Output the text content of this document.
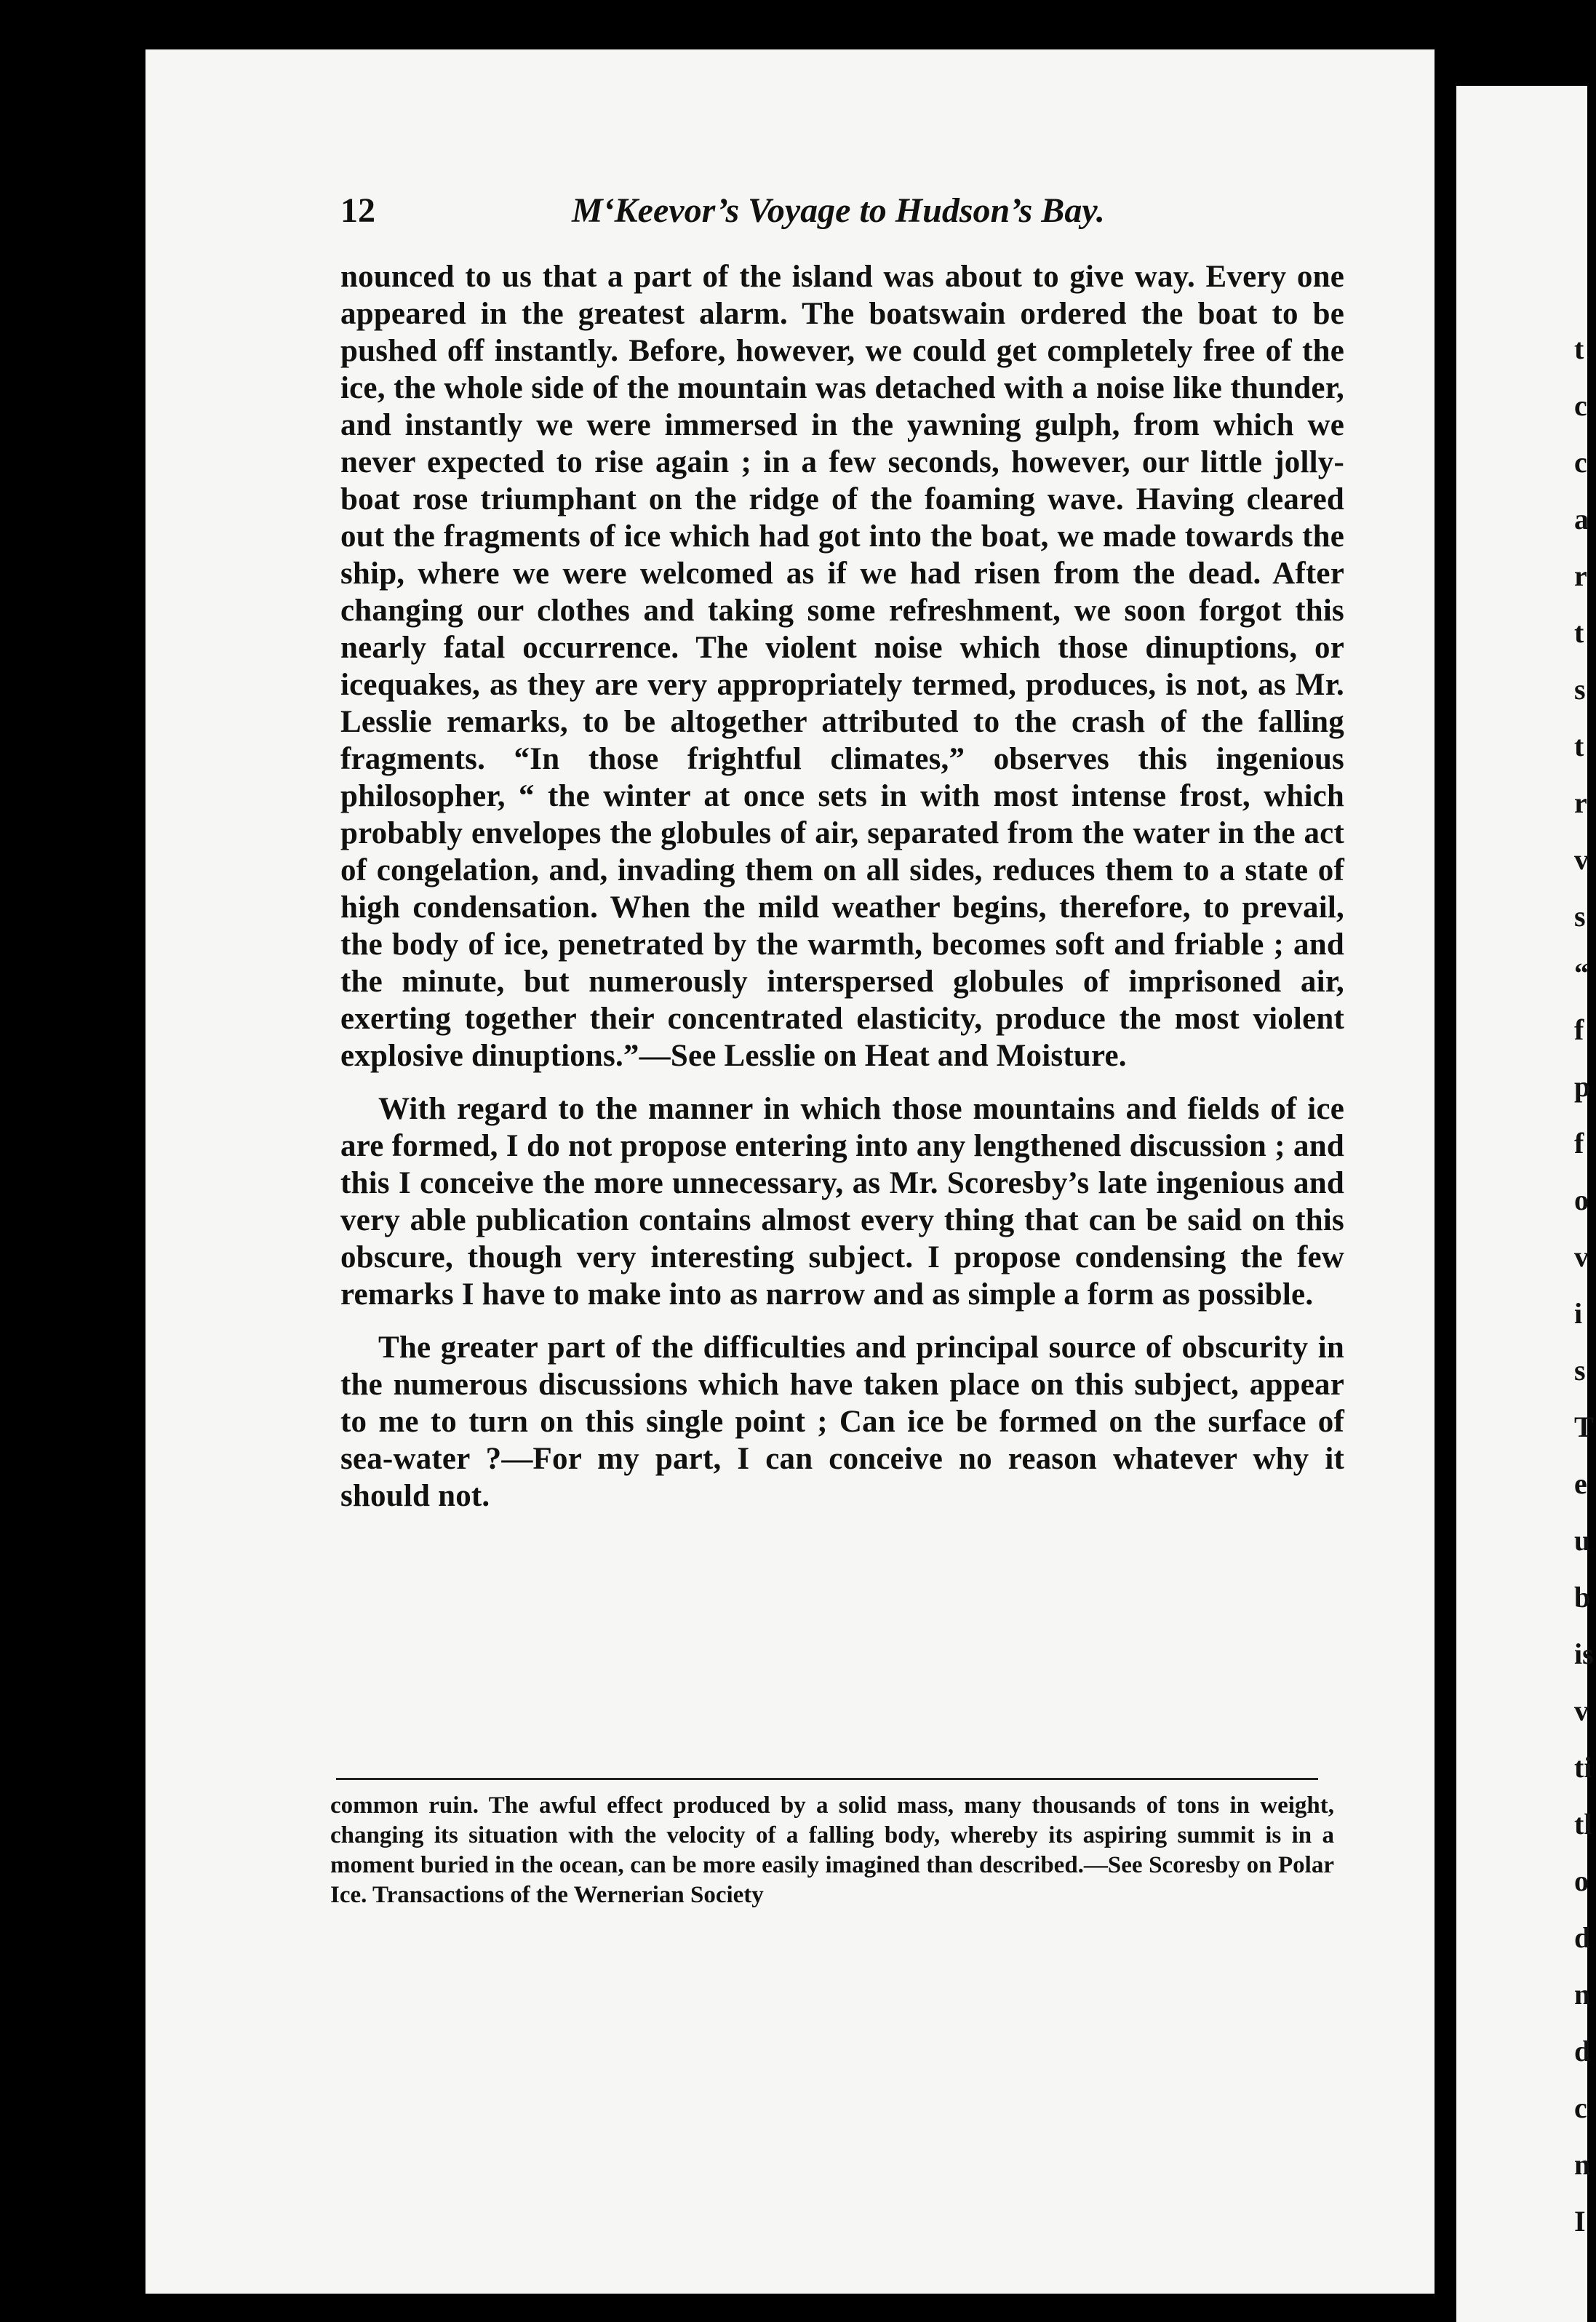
12	M‘Keevor’s Voyage to Hudson’s Bay.

nounced to us that a part of the island was about to give way. Every one appeared in the greatest alarm. The boatswain ordered the boat to be pushed off instantly. Before, however, we could get completely free of the ice, the whole side of the mountain was detached with a noise like thunder, and instantly we were immersed in the yawning gulph, from which we never expected to rise again ; in a few seconds, however, our little jolly-boat rose triumphant on the ridge of the foaming wave. Having cleared out the fragments of ice which had got into the boat, we made towards the ship, where we were welcomed as if we had risen from the dead. After changing our clothes and taking some refreshment, we soon forgot this nearly fatal occurrence. The violent noise which those dinuptions, or icequakes, as they are very appropriately termed, produces, is not, as Mr. Lesslie remarks, to be altogether attributed to the crash of the falling fragments. “In those frightful climates,” observes this ingenious philosopher, “ the winter at once sets in with most intense frost, which probably envelopes the globules of air, separated from the water in the act of congelation, and, invading them on all sides, reduces them to a state of high condensation. When the mild weather begins, therefore, to prevail, the body of ice, penetrated by the warmth, becomes soft and friable ; and the minute, but numerously interspersed globules of imprisoned air, exerting together their concentrated elasticity, produce the most violent explosive dinuptions.”—See Lesslie on Heat and Moisture.

With regard to the manner in which those mountains and fields of ice are formed, I do not propose entering into any lengthened discussion ; and this I conceive the more unnecessary, as Mr. Scoresby’s late ingenious and very able publication contains almost every thing that can be said on this obscure, though very interesting subject. I propose condensing the few remarks I have to make into as narrow and as simple a form as possible.

The greater part of the difficulties and principal source of obscurity in the numerous discussions which have taken place on this subject, appear to me to turn on this single point ; Can ice be formed on the surface of sea-water ?—For my part, I can conceive no reason whatever why it should not.

common ruin. The awful effect produced by a solid mass, many thousands of tons in weight, changing its situation with the velocity of a falling body, whereby its aspiring summit is in a moment buried in the ocean, can be more easily imagined than described.—See Scoresby on Polar Ice. Transactions of the Wernerian Society
t
c
c
a
r
t
s
t
r
v
s
“
f
p
f
o
v
i
s
T
e
u
b
is
v
ti
tl
o
d
n
d
c
n
I
